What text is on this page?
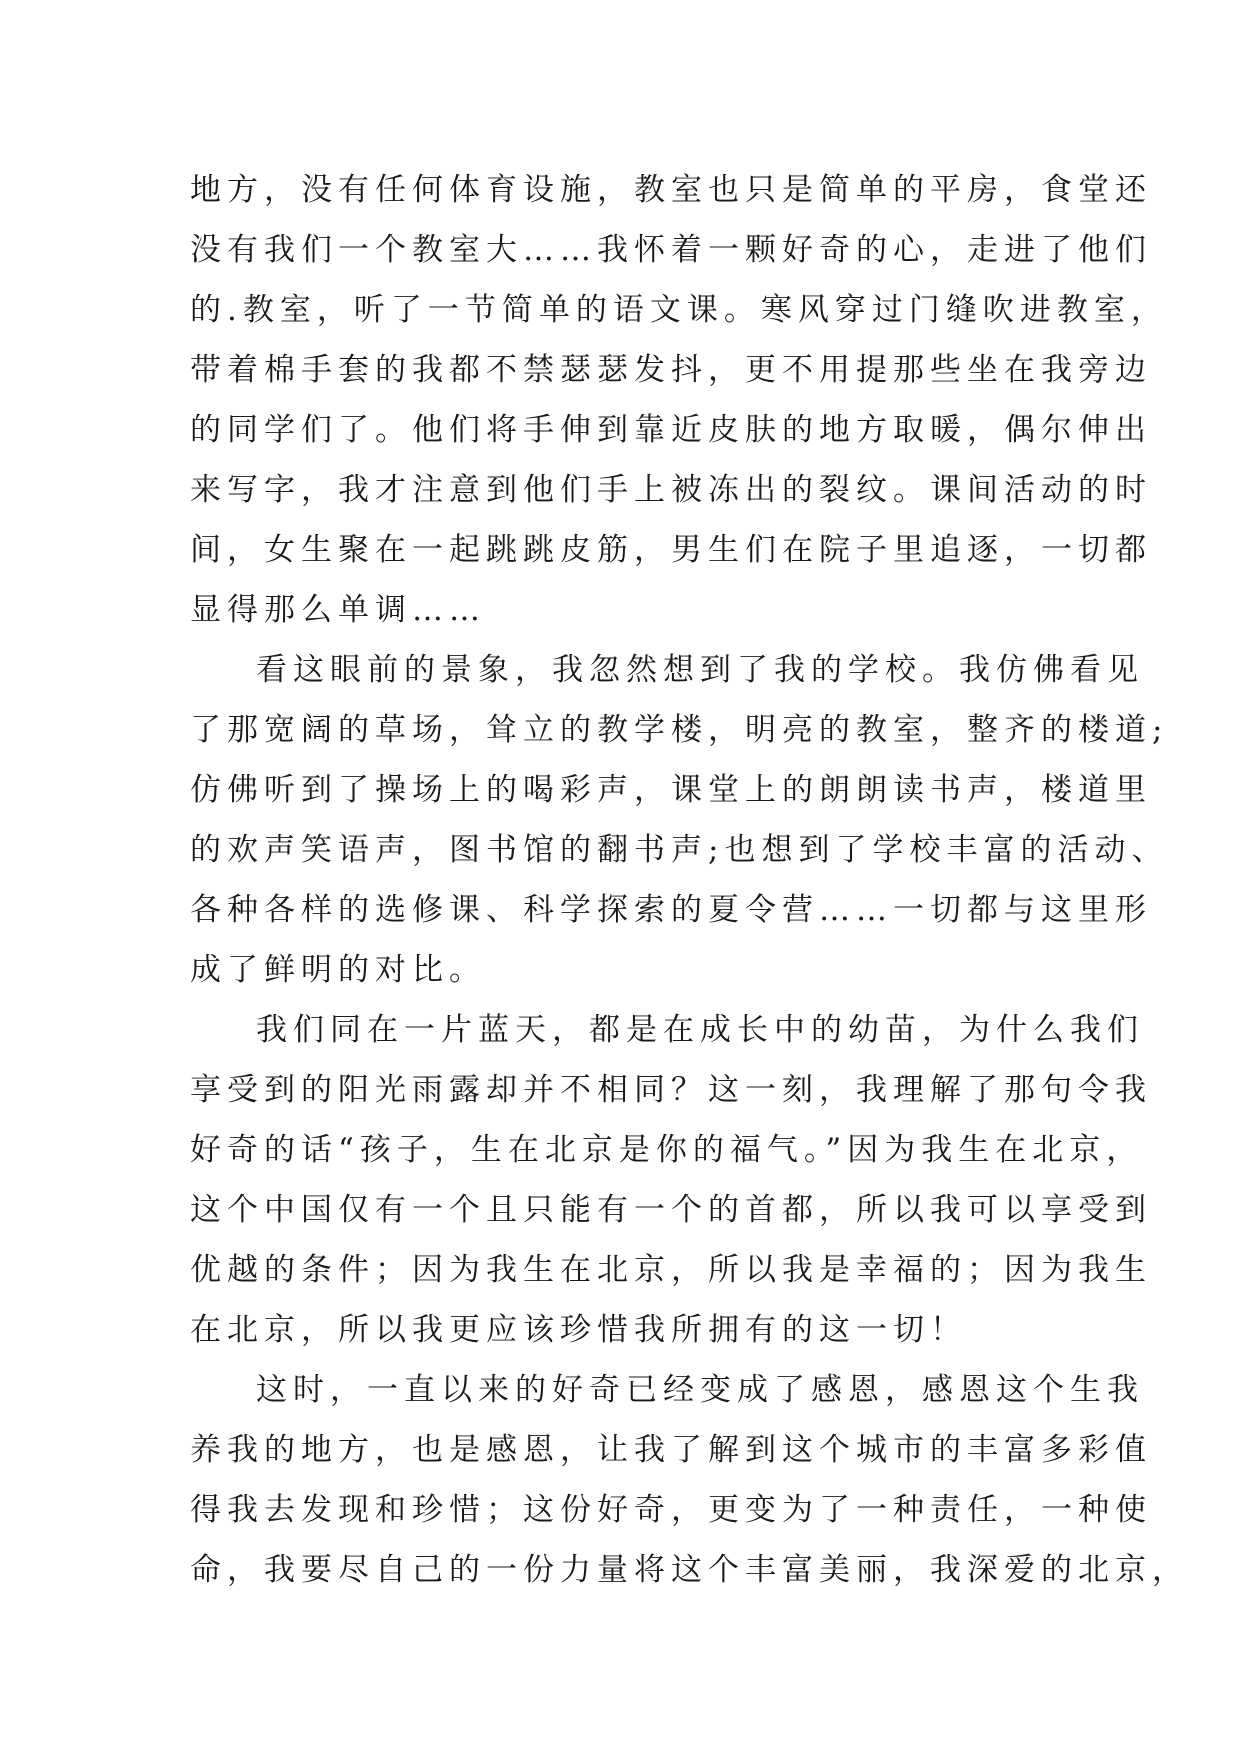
地方，没有任何体育设施，教室也只是简单的平房，食堂还
没有我们一个教室大……我怀着一颗好奇的心，走进了他们
的.教室，听了一节简单的语文课。寒风穿过门缝吹进教室，
带着棉手套的我都不禁瑟瑟发抖，更不用提那些坐在我旁边
的同学们了。他们将手伸到靠近皮肤的地方取暖，偶尔伸出
来写字，我才注意到他们手上被冻出的裂纹。课间活动的时
间，女生聚在一起跳跳皮筋，男生们在院子里追逐，一切都
显得那么单调……
看这眼前的景象，我忽然想到了我的学校。我仿佛看见
了那宽阔的草场，耸立的教学楼，明亮的教室，整齐的楼道;
仿佛听到了操场上的喝彩声，课堂上的朗朗读书声，楼道里
的欢声笑语声，图书馆的翻书声;也想到了学校丰富的活动、
各种各样的选修课、科学探索的夏令营……一切都与这里形
成了鲜明的对比。
我们同在一片蓝天，都是在成长中的幼苗，为什么我们
享受到的阳光雨露却并不相同？这一刻，我理解了那句令我
好奇的话“孩子，生在北京是你的福气。”因为我生在北京，
这个中国仅有一个且只能有一个的首都，所以我可以享受到
优越的条件；因为我生在北京，所以我是幸福的；因为我生
在北京，所以我更应该珍惜我所拥有的这一切！
这时，一直以来的好奇已经变成了感恩，感恩这个生我
养我的地方，也是感恩，让我了解到这个城市的丰富多彩值
得我去发现和珍惜；这份好奇，更变为了一种责任，一种使
命，我要尽自己的一份力量将这个丰富美丽，我深爱的北京，
